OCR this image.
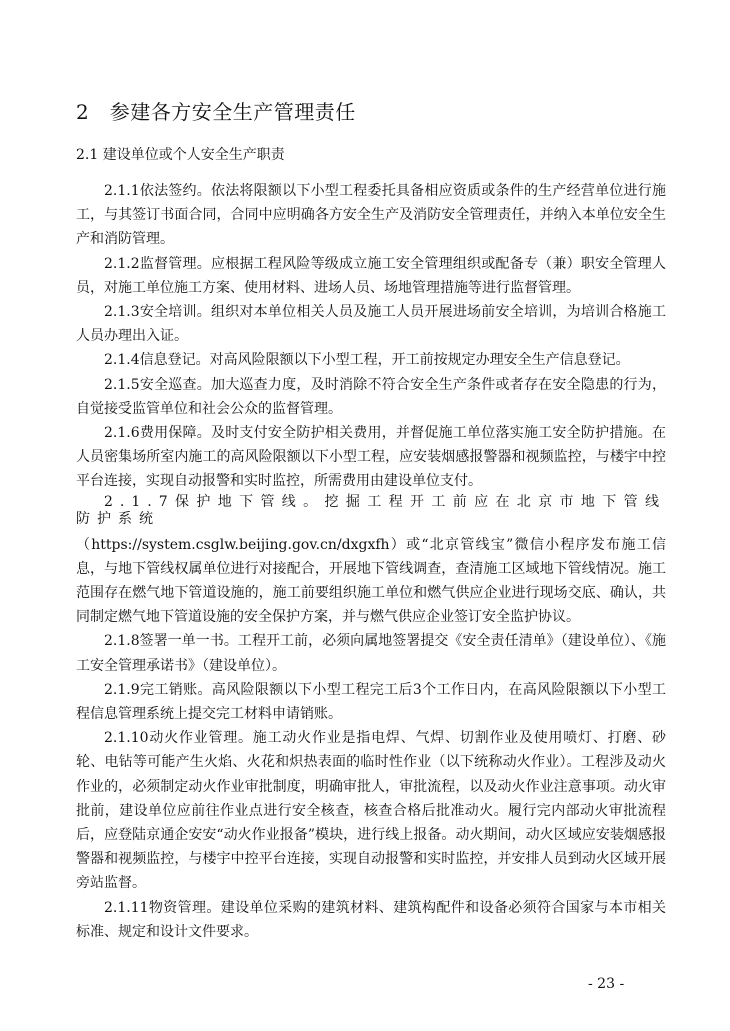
2　参建各方安全生产管理责任
2.1 建设单位或个人安全生产职责

2.1.1依法签约。依法将限额以下小型工程委托具备相应资质或条件的生产经营单位进行施工，与其签订书面合同，合同中应明确各方安全生产及消防安全管理责任，并纳入本单位安全生产和消防管理。

2.1.2监督管理。应根据工程风险等级成立施工安全管理组织或配备专（兼）职安全管理人员，对施工单位施工方案、使用材料、进场人员、场地管理措施等进行监督管理。

2.1.3安全培训。组织对本单位相关人员及施工人员开展进场前安全培训，为培训合格施工人员办理出入证。

2.1.4信息登记。对高风险限额以下小型工程，开工前按规定办理安全生产信息登记。

2.1.5安全巡查。加大巡查力度，及时消除不符合安全生产条件或者存在安全隐患的行为，自觉接受监管单位和社会公众的监督管理。

2.1.6费用保障。及时支付安全防护相关费用，并督促施工单位落实施工安全防护措施。在人员密集场所室内施工的高风险限额以下小型工程，应安装烟感报警器和视频监控，与楼宇中控平台连接，实现自动报警和实时监控，所需费用由建设单位支付。

2.1.7保护地下管线。挖掘工程开工前应在北京市地下管线防护系统

（https://system.csglw.beijing.gov.cn/dxgxfh）或“北京管线宝”微信小程序发布施工信息，与地下管线权属单位进行对接配合，开展地下管线调查，查清施工区域地下管线情况。施工范围存在燃气地下管道设施的，施工前要组织施工单位和燃气供应企业进行现场交底、确认，共同制定燃气地下管道设施的安全保护方案，并与燃气供应企业签订安全监护协议。

2.1.8签署一单一书。工程开工前，必须向属地签署提交《安全责任清单》（建设单位）、《施工安全管理承诺书》（建设单位）。

2.1.9完工销账。高风险限额以下小型工程完工后3个工作日内，在高风险限额以下小型工程信息管理系统上提交完工材料申请销账。

2.1.10动火作业管理。施工动火作业是指电焊、气焊、切割作业及使用喷灯、打磨、砂轮、电钻等可能产生火焰、火花和炽热表面的临时性作业（以下统称动火作业）。工程涉及动火作业的，必须制定动火作业审批制度，明确审批人，审批流程，以及动火作业注意事项。动火审批前，建设单位应前往作业点进行安全核查，核查合格后批准动火。履行完内部动火审批流程后，应登陆京通企安安“动火作业报备”模块，进行线上报备。动火期间，动火区域应安装烟感报警器和视频监控，与楼宇中控平台连接，实现自动报警和实时监控，并安排人员到动火区域开展旁站监督。

2.1.11物资管理。建设单位采购的建筑材料、建筑构配件和设备必须符合国家与本市相关标准、规定和设计文件要求。

- 23 -
